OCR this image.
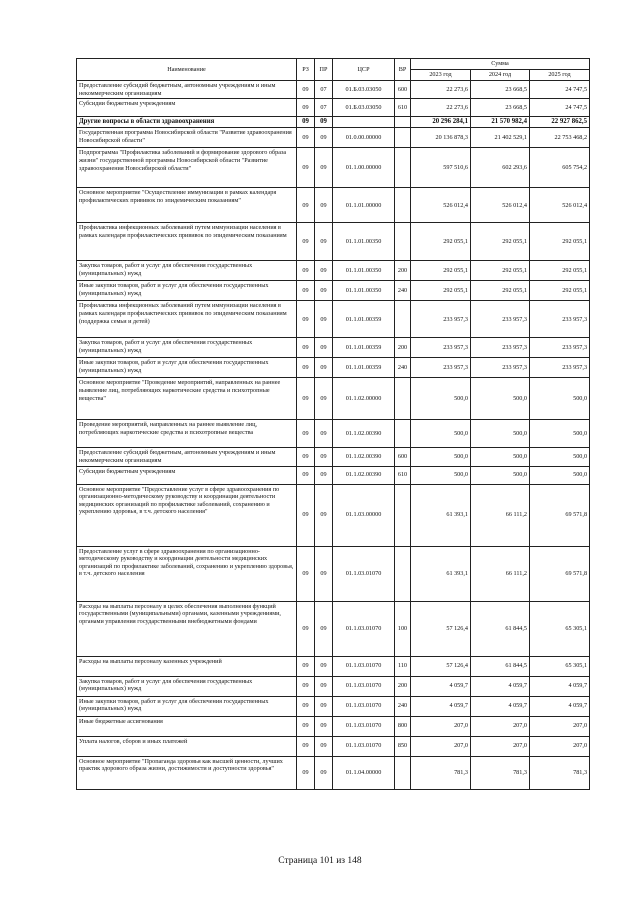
Наименование	РЗ	ПР	ЦСР	ВР	Сумма		
					2023 год	2024 год	2025 год
Предоставление субсидий бюджетным, автономным учреждениям и иным некоммерческим организациям	09	07	01.Б.03.03050	600	22 273,6	23 668,5	24 747,5
Субсидии бюджетным учреждениям	09	07	01.Б.03.03050	610	22 273,6	23 668,5	24 747,5
Другие вопросы в области здравоохранения	09	09			20 296 284,1	21 570 982,4	22 927 862,5
Государственная программа Новосибирской области "Развитие здравоохранения Новосибирской области"	09	09	01.0.00.00000		20 136 878,3	21 402 529,1	22 753 468,2
Подпрограмма "Профилактика заболеваний и формирование здорового образа жизни" государственной программы Новосибирской области "Развитие здравоохранения Новосибирской области"	09	09	01.1.00.00000		597 510,6	602 293,6	605 754,2
Основное мероприятие "Осуществление иммунизации в рамках календаря профилактических прививок по эпидемическим показаниям"	09	09	01.1.01.00000		526 012,4	526 012,4	526 012,4
Профилактика инфекционных заболеваний путем иммунизации населения в рамках календаря профилактических прививок по эпидемическим показаниям	09	09	01.1.01.00350		292 055,1	292 055,1	292 055,1
Закупка товаров, работ и услуг для обеспечения государственных (муниципальных) нужд	09	09	01.1.01.00350	200	292 055,1	292 055,1	292 055,1
Иные закупки товаров, работ и услуг для обеспечения государственных (муниципальных) нужд	09	09	01.1.01.00350	240	292 055,1	292 055,1	292 055,1
Профилактика инфекционных заболеваний путем иммунизации населения в рамках календаря профилактических прививок по эпидемическим показаниям (поддержка семьи и детей)	09	09	01.1.01.00359		233 957,3	233 957,3	233 957,3
Закупка товаров, работ и услуг для обеспечения государственных (муниципальных) нужд	09	09	01.1.01.00359	200	233 957,3	233 957,3	233 957,3
Иные закупки товаров, работ и услуг для обеспечения государственных (муниципальных) нужд	09	09	01.1.01.00359	240	233 957,3	233 957,3	233 957,3
Основное мероприятие "Проведение мероприятий, направленных на раннее выявление лиц, потребляющих наркотические средства и психотропные вещества"	09	09	01.1.02.00000		500,0	500,0	500,0
Проведение мероприятий, направленных на раннее выявление лиц, потребляющих наркотические средства и психотропные вещества	09	09	01.1.02.00390		500,0	500,0	500,0
Предоставление субсидий бюджетным, автономным учреждениям и иным некоммерческим организациям	09	09	01.1.02.00390	600	500,0	500,0	500,0
Субсидии бюджетным учреждениям	09	09	01.1.02.00390	610	500,0	500,0	500,0
Основное мероприятие "Предоставление услуг в сфере здравоохранения по организационно-методическому руководству и координации деятельности медицинских организаций по профилактике заболеваний, сохранению и укреплению здоровья, в т.ч. детского населения"	09	09	01.1.03.00000		61 393,1	66 111,2	69 571,8
Предоставление услуг в сфере здравоохранения по организационно-методическому руководству и координации деятельности медицинских организаций по профилактике заболеваний, сохранению и укреплению здоровья, в т.ч. детского населения	09	09	01.1.03.01070		61 393,1	66 111,2	69 571,8
Расходы на выплаты персоналу в целях обеспечения выполнения функций государственными (муниципальными) органами, казенными учреждениями, органами управления государственными внебюджетными фондами	09	09	01.1.03.01070	100	57 126,4	61 844,5	65 305,1
Расходы на выплаты персоналу казенных учреждений	09	09	01.1.03.01070	110	57 126,4	61 844,5	65 305,1
Закупка товаров, работ и услуг для обеспечения государственных (муниципальных) нужд	09	09	01.1.03.01070	200	4 059,7	4 059,7	4 059,7
Иные закупки товаров, работ и услуг для обеспечения государственных (муниципальных) нужд	09	09	01.1.03.01070	240	4 059,7	4 059,7	4 059,7
Иные бюджетные ассигнования	09	09	01.1.03.01070	800	207,0	207,0	207,0
Уплата налогов, сборов и иных платежей	09	09	01.1.03.01070	850	207,0	207,0	207,0
Основное мероприятие "Пропаганда здоровья как высшей ценности, лучших практик здорового образа жизни, достижимости и доступности здоровья"	09	09	01.1.04.00000		781,3	781,3	781,3
Страница 101 из 148
